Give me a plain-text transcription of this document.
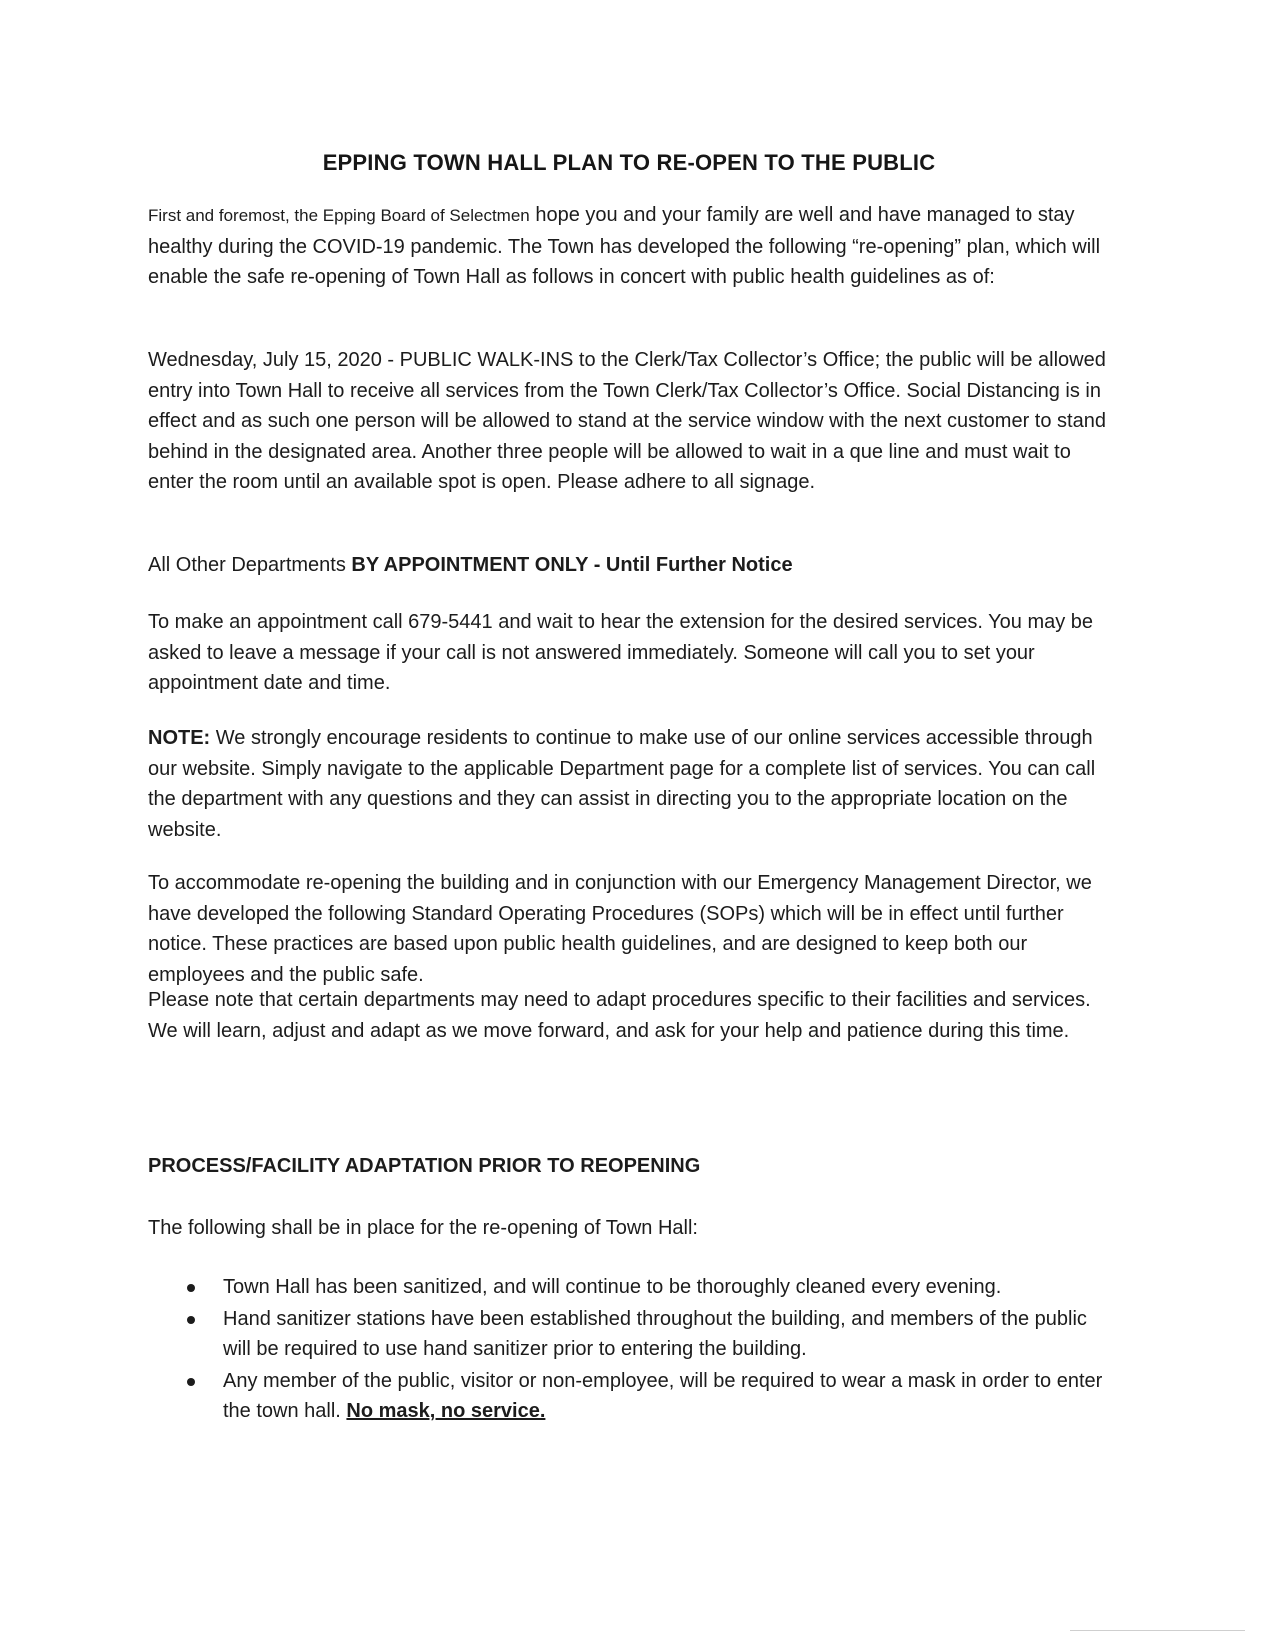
EPPING TOWN HALL PLAN TO RE-OPEN TO THE PUBLIC

First and foremost, the Epping Board of Selectmen hope you and your family are well and have managed to stay healthy during the COVID-19 pandemic. The Town has developed the following “re-opening” plan, which will enable the safe re-opening of Town Hall as follows in concert with public health guidelines as of:

Wednesday, July 15, 2020 - PUBLIC WALK-INS to the Clerk/Tax Collector’s Office; the public will be allowed entry into Town Hall to receive all services from the Town Clerk/Tax Collector’s Office. Social Distancing is in effect and as such one person will be allowed to stand at the service window with the next customer to stand behind in the designated area. Another three people will be allowed to wait in a que line and must wait to enter the room until an available spot is open. Please adhere to all signage.

All Other Departments BY APPOINTMENT ONLY - Until Further Notice

To make an appointment call 679-5441 and wait to hear the extension for the desired services. You may be asked to leave a message if your call is not answered immediately. Someone will call you to set your appointment date and time.

NOTE: We strongly encourage residents to continue to make use of our online services accessible through our website. Simply navigate to the applicable Department page for a complete list of services. You can call the department with any questions and they can assist in directing you to the appropriate location on the website.

To accommodate re-opening the building and in conjunction with our Emergency Management Director, we have developed the following Standard Operating Procedures (SOPs) which will be in effect until further notice. These practices are based upon public health guidelines, and are designed to keep both our employees and the public safe.

Please note that certain departments may need to adapt procedures specific to their facilities and services. We will learn, adjust and adapt as we move forward, and ask for your help and patience during this time.

PROCESS/FACILITY ADAPTATION PRIOR TO REOPENING

The following shall be in place for the re-opening of Town Hall:

Town Hall has been sanitized, and will continue to be thoroughly cleaned every evening.
Hand sanitizer stations have been established throughout the building, and members of the public will be required to use hand sanitizer prior to entering the building.
Any member of the public, visitor or non-employee, will be required to wear a mask in order to enter the town hall. No mask, no service.
